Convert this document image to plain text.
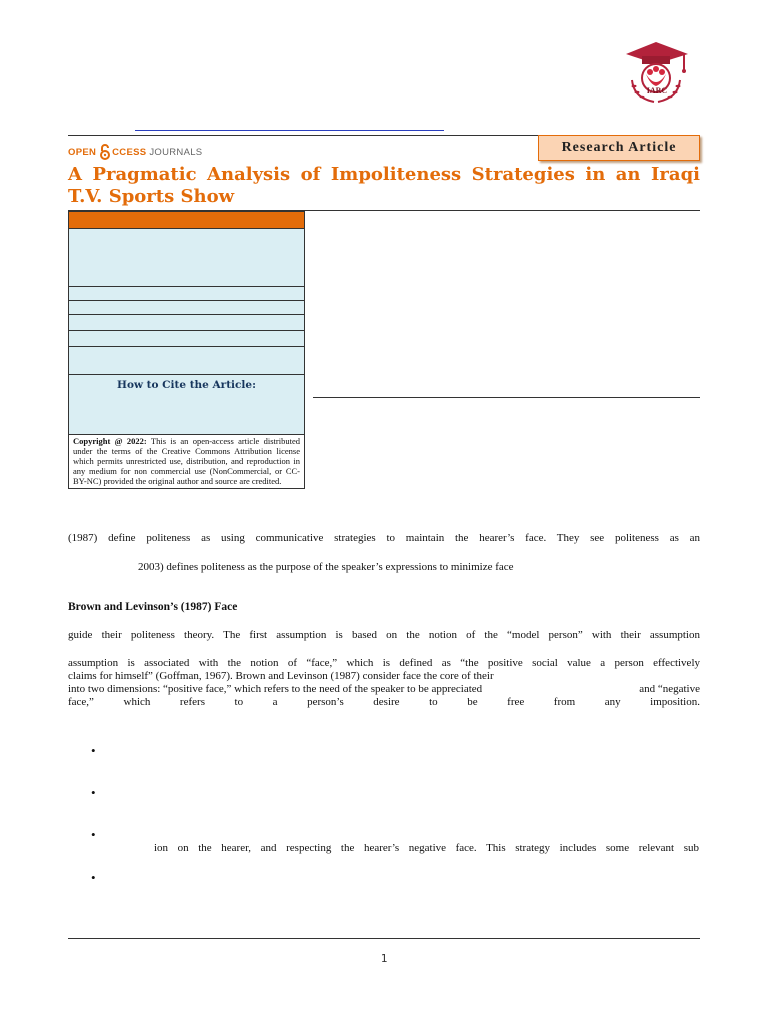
IARC
OPEN CCESS JOURNALS	Research Article
A Pragmatic Analysis of Impoliteness Strategies in an Iraqi T.V. Sports Show
How to Cite the Article:
Copyright @ 2022: This is an open-access article distributed under the terms of the Creative Commons Attribution license which permits unrestricted use, distribution, and reproduction in any medium for non commercial use (NonCommercial, or CC-BY-NC) provided the original author and source are credited.
(1987) define politeness as using communicative strategies to maintain the hearer’s face. They see politeness as an
2003) defines politeness as the purpose of the speaker’s expressions to minimize face
Brown and Levinson’s (1987) Face
guide their politeness theory. The first assumption is based on the notion of the “model person” with their assumption
assumption is associated with the notion of “face,” which is defined as “the positive social value a person effectively
claims for himself” (Goffman, 1967). Brown and Levinson (1987) consider face the core of their
into two dimensions: “positive face,” which refers to the need of the speaker to be appreciated	and “negative
face,” which refers to a person’s desire to be free from any imposition.
•
•
•
ion on the hearer, and respecting the hearer’s negative face. This strategy includes some relevant sub
•
1
